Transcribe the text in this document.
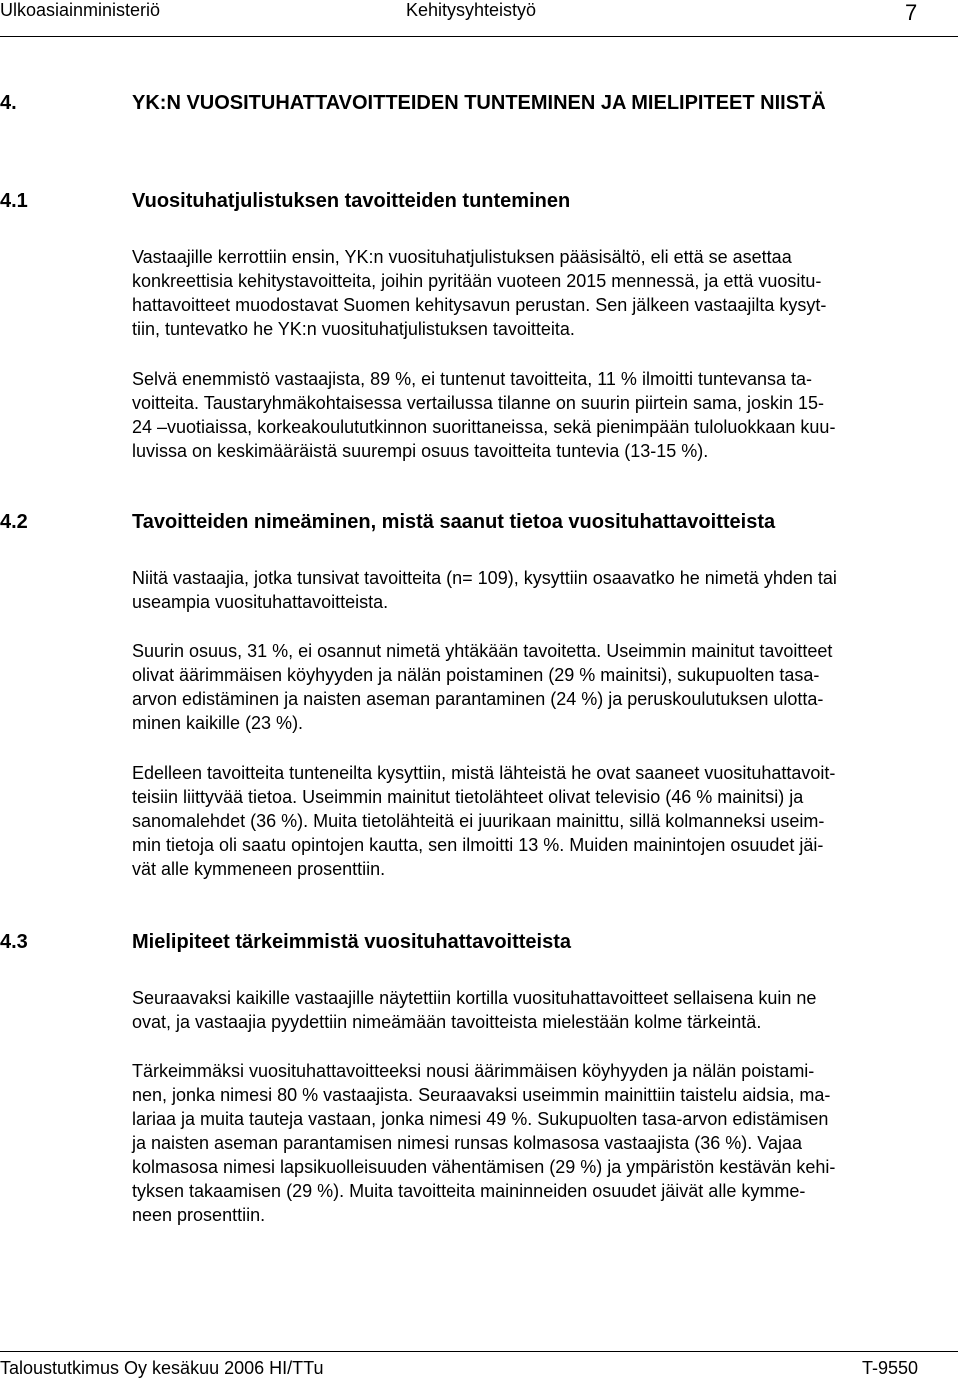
Ulkoasiainministeriö	Kehitysyhteistyö	7
4.	YK:N VUOSITUHATTAVOITTEIDEN TUNTEMINEN JA MIELIPITEET NIISTÄ
4.1	Vuosituhatjulistuksen tavoitteiden tunteminen
Vastaajille kerrottiin ensin, YK:n vuosituhatjulistuksen pääsisältö, eli että se asettaa
konkreettisia kehitystavoitteita, joihin pyritään vuoteen 2015 mennessä, ja että vuositu-
hattavoitteet muodostavat Suomen kehitysavun perustan. Sen jälkeen vastaajilta kysyt-
tiin, tuntevatko he YK:n vuosituhatjulistuksen tavoitteita.
Selvä enemmistö vastaajista, 89 %, ei tuntenut tavoitteita, 11 % ilmoitti tuntevansa ta-
voitteita. Taustaryhmäkohtaisessa vertailussa tilanne on suurin piirtein sama, joskin 15-
24 –vuotiaissa, korkeakoulututkinnon suorittaneissa, sekä pienimpään tuloluokkaan kuu-
luvissa on keskimääräistä suurempi osuus tavoitteita tuntevia (13-15 %).
4.2	Tavoitteiden nimeäminen, mistä saanut tietoa vuosituhattavoitteista
Niitä vastaajia, jotka tunsivat tavoitteita (n= 109), kysyttiin osaavatko he nimetä yhden tai
useampia vuosituhattavoitteista.
Suurin osuus, 31 %, ei osannut nimetä yhtäkään tavoitetta. Useimmin mainitut tavoitteet
olivat äärimmäisen köyhyyden ja nälän poistaminen (29 % mainitsi), sukupuolten tasa-
arvon edistäminen ja naisten aseman parantaminen (24 %) ja peruskoulutuksen ulotta-
minen kaikille (23 %).
Edelleen tavoitteita tunteneilta kysyttiin, mistä lähteistä he ovat saaneet vuosituhattavoit-
teisiin liittyvää tietoa. Useimmin mainitut tietolähteet olivat televisio (46 % mainitsi) ja
sanomalehdet (36 %). Muita tietolähteitä ei juurikaan mainittu, sillä kolmanneksi useim-
min tietoja oli saatu opintojen kautta, sen ilmoitti 13 %. Muiden mainintojen osuudet jäi-
vät alle kymmeneen prosenttiin.
4.3	Mielipiteet tärkeimmistä vuosituhattavoitteista
Seuraavaksi kaikille vastaajille näytettiin kortilla vuosituhattavoitteet sellaisena kuin ne
ovat, ja vastaajia pyydettiin nimeämään tavoitteista mielestään kolme tärkeintä.
Tärkeimmäksi vuosituhattavoitteeksi nousi äärimmäisen köyhyyden ja nälän poistami-
nen, jonka nimesi 80 % vastaajista. Seuraavaksi useimmin mainittiin taistelu aidsia, ma-
lariaa ja muita tauteja vastaan, jonka nimesi 49 %. Sukupuolten tasa-arvon edistämisen
ja naisten aseman parantamisen nimesi runsas kolmasosa vastaajista (36 %). Vajaa
kolmasosa nimesi lapsikuolleisuuden vähentämisen (29 %) ja ympäristön kestävän kehi-
tyksen takaamisen (29 %). Muita tavoitteita maininneiden osuudet jäivät alle kymme-
neen prosenttiin.
Taloustutkimus Oy kesäkuu 2006 HI/TTu	T-9550
